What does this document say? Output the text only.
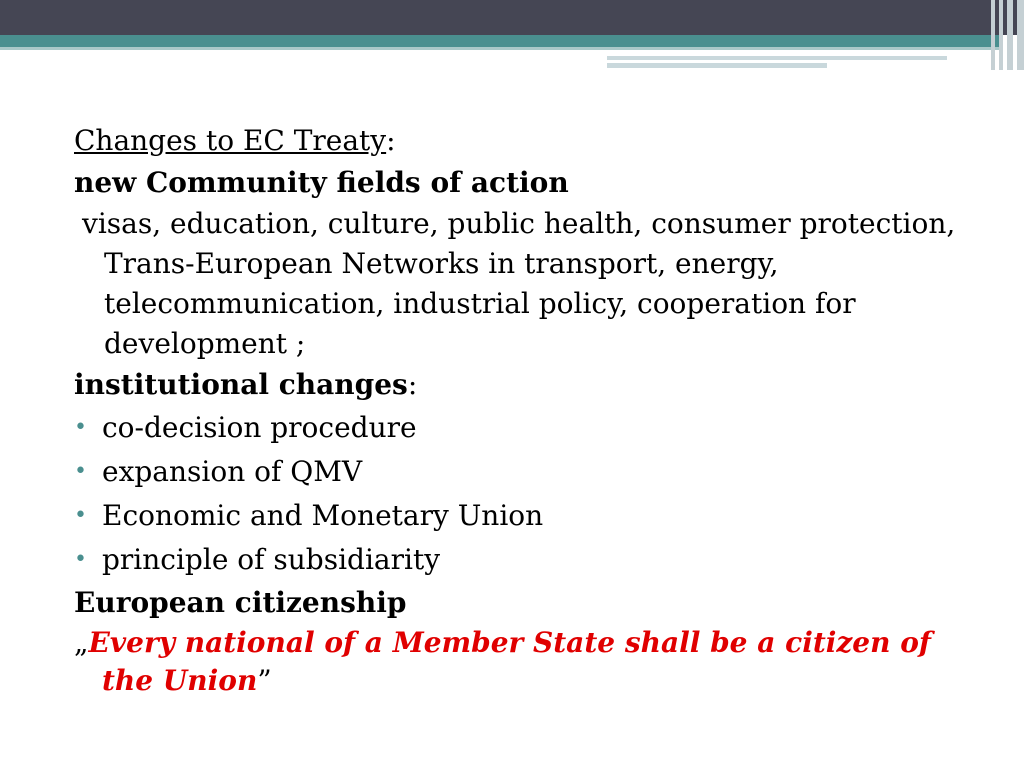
Changes to EC Treaty:
new Community fields of action

visas, education, culture, public health, consumer protection, Trans-European Networks in transport, energy, telecommunication, industrial policy, cooperation for development ;

institutional changes:
• co-decision procedure
• expansion of QMV
• Economic and Monetary Union
• principle of subsidiarity
European citizenship
„Every national of a Member State shall be a citizen of the Union”
